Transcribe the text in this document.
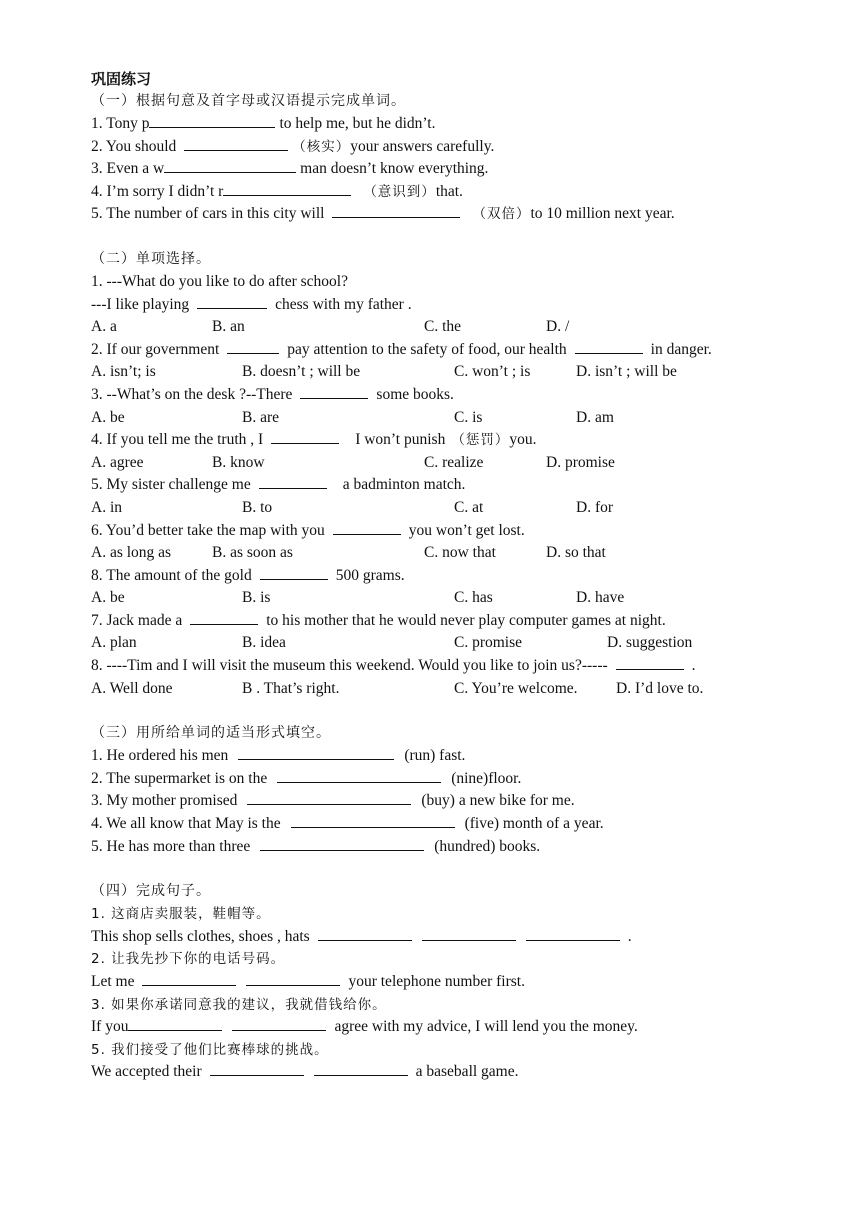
巩固练习
（一）根据句意及首字母或汉语提示完成单词。
1. Tony p	to help me, but he didn’t.
2. You should	（核实）your answers carefully.
3. Even a w	man doesn’t know everything.
4. I’m sorry I didn’t r	（意识到）that.
5. The number of cars in this city will	（双倍）to 10 million next year.
（二）单项选择。
1. ---What do you like to do after school?
---I like playing	chess with my father .
A. a	B. an	C. the	D. /
2. If our government	pay attention to the safety of food, our health	in danger.
A. isn’t; is	B. doesn’t ; will be	C. won’t ; is	D. isn’t ; will be
3. --What’s on the desk ?--There	some books.
A. be	B. are	C. is	D. am
4. If you tell me the truth , I	I won’t punish （惩罚）you.
A. agree	B. know	C. realize	D. promise
5. My sister challenge me	a badminton match.
A. in	B. to	C. at	D. for
6. You’d better take the map with you	you won’t get lost.
A. as long as	B. as soon as	C. now that	D. so that
8. The amount of the gold	500 grams.
A. be	B. is	C. has	D. have
7. Jack made a	to his mother that he would never play computer games at night.
A. plan	B. idea	C. promise	D. suggestion
8. ----Tim and I will visit the museum this weekend. Would you like to join us?-----	.
A. Well done	B . That’s right.	C. You’re welcome. D. I’d love to.
（三）用所给单词的适当形式填空。
1. He ordered his men	(run) fast.
2. The supermarket is on the	(nine)floor.
3. My mother promised	(buy) a new bike for me.
4. We all know that May is the	(five) month of a year.
5. He has more than three	(hundred) books.
（四）完成句子。
1. 这商店卖服装，鞋帽等。
This shop sells clothes, shoes , hats	.
2. 让我先抄下你的电话号码。
Let me	your telephone number first.
3. 如果你承诺同意我的建议，我就借钱给你。
If you	agree with my advice, I will lend you the money.
5. 我们接受了他们比赛棒球的挑战。
We accepted their	a baseball game.
